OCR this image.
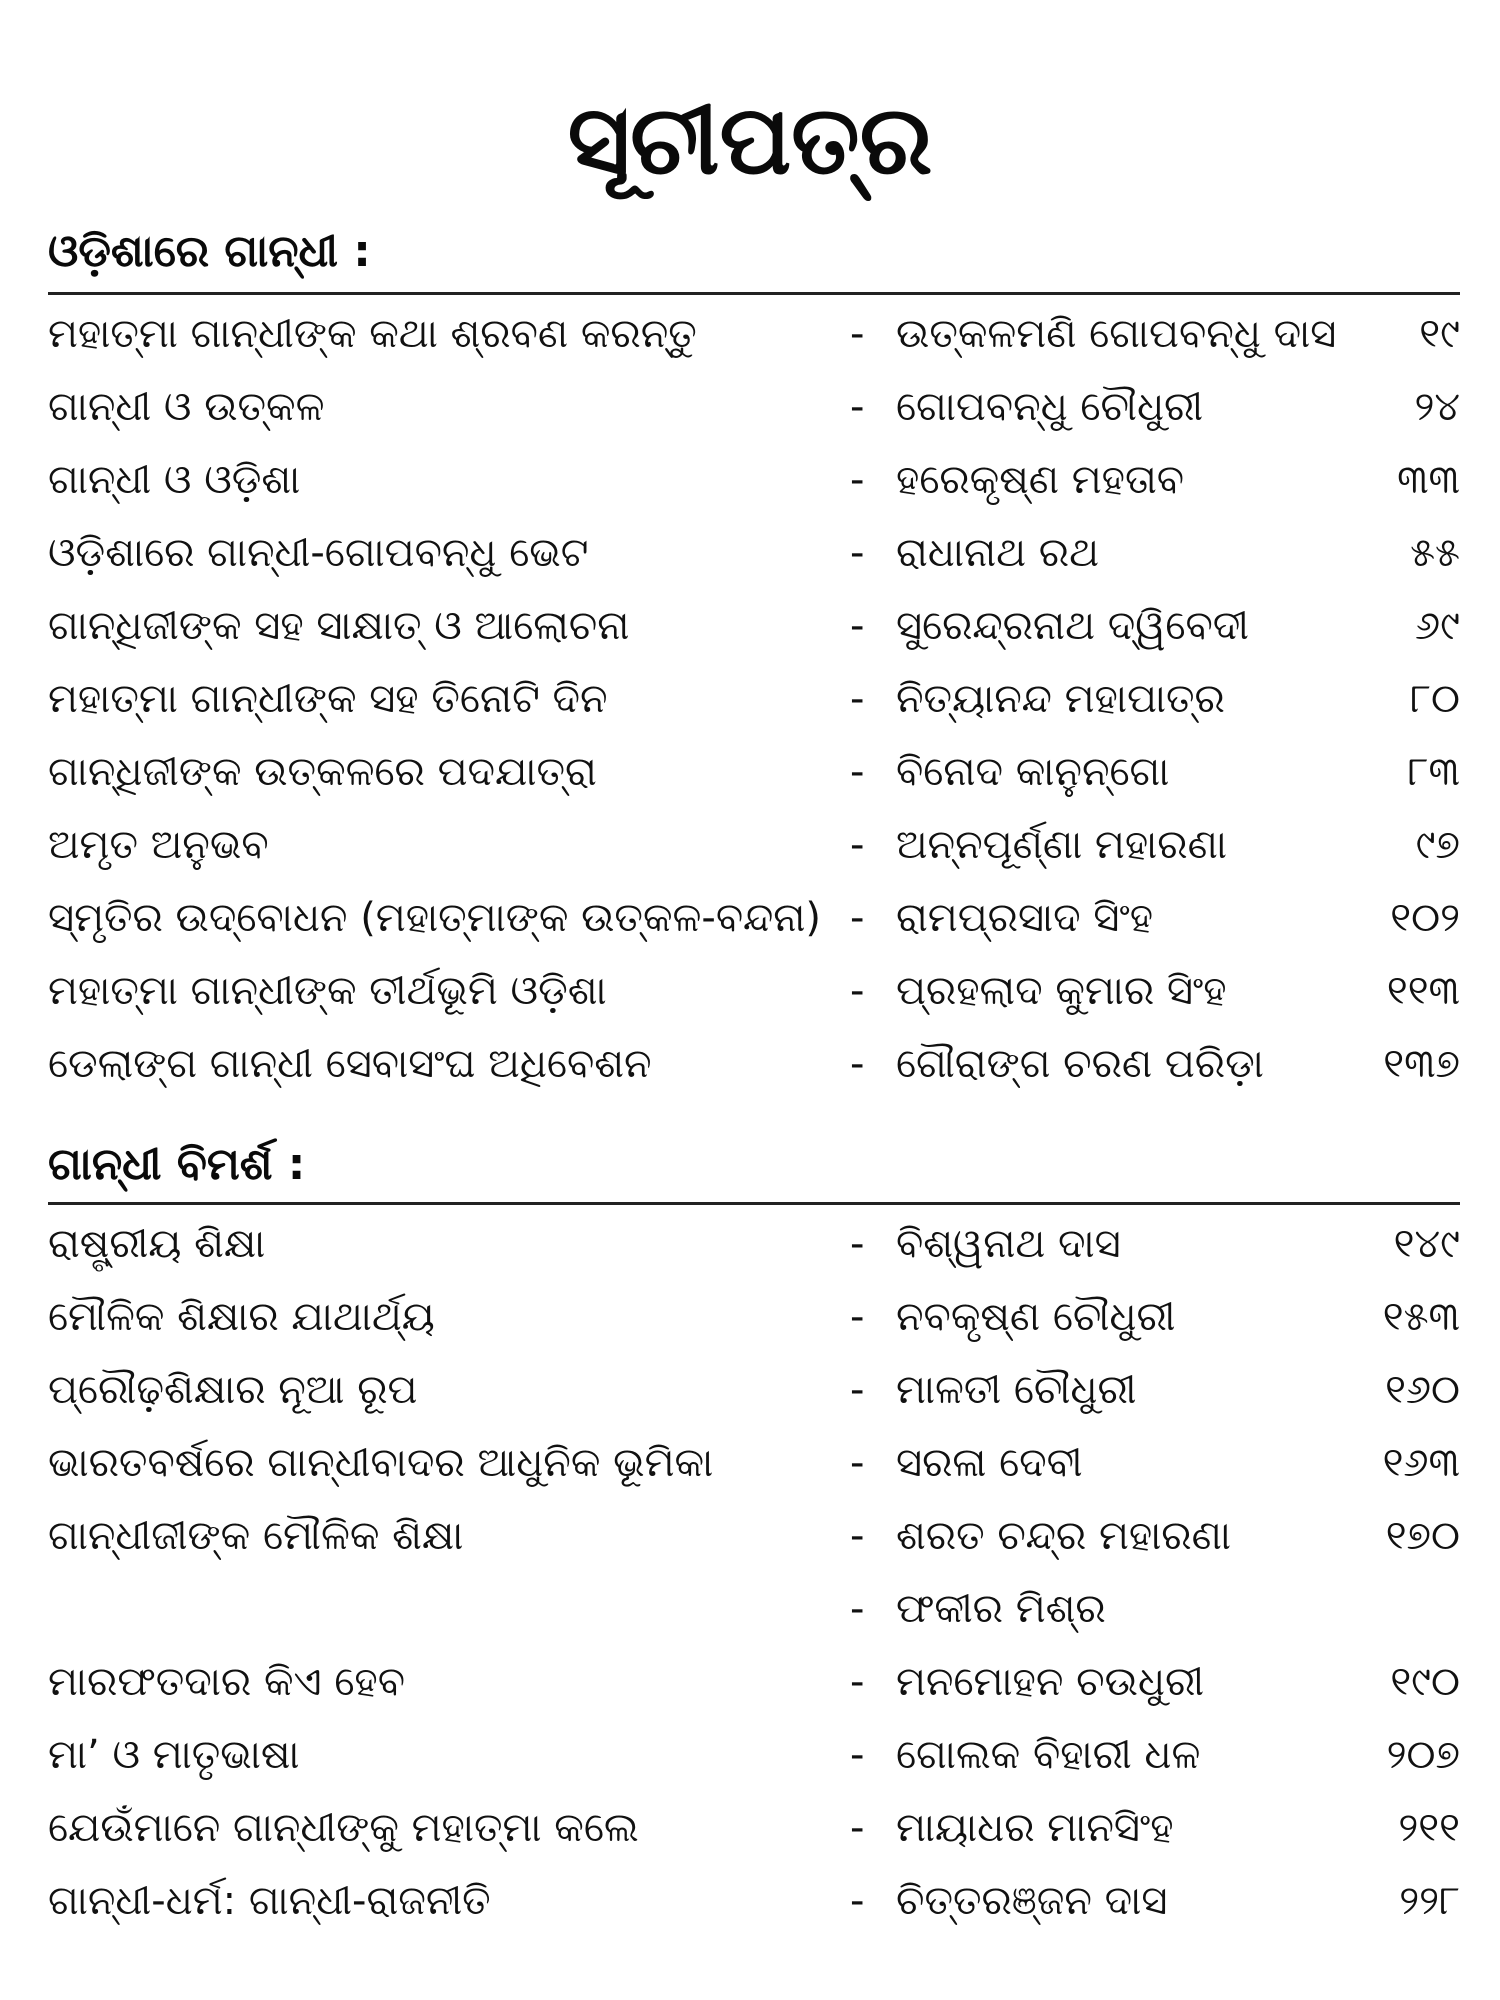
ସୂଚୀପତ୍ର
ଓଡ଼ିଶାରେ ଗାନ୍ଧୀ :
ମହାତ୍ମା ଗାନ୍ଧୀଙ୍କ କଥା ଶ୍ରବଣ କରନ୍ତୁ	- ଉତ୍କଳମଣି ଗୋପବନ୍ଧୁ ଦାସ ୧୯
ଗାନ୍ଧୀ ଓ ଉତ୍କଳ	- ଗୋପବନ୍ଧୁ ଚୌଧୁରୀ	୨୪
ଗାନ୍ଧୀ ଓ ଓଡ଼ିଶା	- ହରେକୃଷ୍ଣ ମହତାବ	୩୩
ଓଡ଼ିଶାରେ ଗାନ୍ଧୀ-ଗୋପବନ୍ଧୁ ଭେଟ	- ରାଧାନାଥ ରଥ	୫୫
ଗାନ୍ଧିଜୀଙ୍କ ସହ ସାକ୍ଷାତ୍ ଓ ଆଲୋଚନା	- ସୁରେନ୍ଦ୍ରନାଥ ଦ୍ୱିବେଦୀ	୬୯
ମହାତ୍ମା ଗାନ୍ଧୀଙ୍କ ସହ ତିନୋଟି ଦିନ	- ନିତ୍ୟାନନ୍ଦ ମହାପାତ୍ର	୮୦
ଗାନ୍ଧିଜୀଙ୍କ ଉତ୍କଳରେ ପଦଯାତ୍ରା	- ବିନୋଦ କାନୁନ୍‌ଗୋ	୮୩
ଅମୃତ ଅନୁଭବ	- ଅନ୍ନପୂର୍ଣ୍ଣା ମହାରଣା	୯୭
ସ୍ମୃତିର ଉଦ୍‌ବୋଧନ (ମହାତ୍ମାଙ୍କ ଉତ୍କଳ-ବନ୍ଦନା) - ରାମପ୍ରସାଦ ସିଂହ	୧୦୨
ମହାତ୍ମା ଗାନ୍ଧୀଙ୍କ ତୀର୍ଥଭୂମି ଓଡ଼ିଶା	- ପ୍ରହଲାଦ କୁମାର ସିଂହ	୧୧୩
ଡେଲାଙ୍ଗ ଗାନ୍ଧୀ ସେବାସଂଘ ଅଧିବେଶନ	- ଗୌରାଙ୍ଗ ଚରଣ ପରିଡ଼ା	୧୩୭
ଗାନ୍ଧୀ ବିମର୍ଶ :
ରାଷ୍ଟ୍ରୀୟ ଶିକ୍ଷା	- ବିଶ୍ୱନାଥ ଦାସ	୧୪୯
ମୌଳିକ ଶିକ୍ଷାର ଯାଥାର୍ଥ୍ୟ	- ନବକୃଷ୍ଣ ଚୌଧୁରୀ	୧୫୩
ପ୍ରୌଢ଼ଶିକ୍ଷାର ନୂଆ ରୂପ	- ମାଳତୀ ଚୌଧୁରୀ	୧୬୦
ଭାରତବର୍ଷରେ ଗାନ୍ଧୀବାଦର ଆଧୁନିକ ଭୂମିକା	- ସରଳା ଦେବୀ	୧୬୩
ଗାନ୍ଧୀଜୀଙ୍କ ମୌଳିକ ଶିକ୍ଷା	- ଶରତ ଚନ୍ଦ୍ର ମହାରଣା	୧୭୦
- ଫକୀର ମିଶ୍ର
ମାରଫତଦାର କିଏ ହେବ	- ମନମୋହନ ଚଉଧୁରୀ	୧୯୦
ମା’ ଓ ମାତୃଭାଷା	- ଗୋଲକ ବିହାରୀ ଧଳ	୨୦୭
ଯେଉଁମାନେ ଗାନ୍ଧୀଙ୍କୁ ମହାତ୍ମା କଲେ	- ମାୟାଧର ମାନସିଂହ	୨୧୧
ଗାନ୍ଧୀ-ଧର୍ମ: ଗାନ୍ଧୀ-ରାଜନୀତି	- ଚିତ୍ତରଞ୍ଜନ ଦାସ	୨୨୮
